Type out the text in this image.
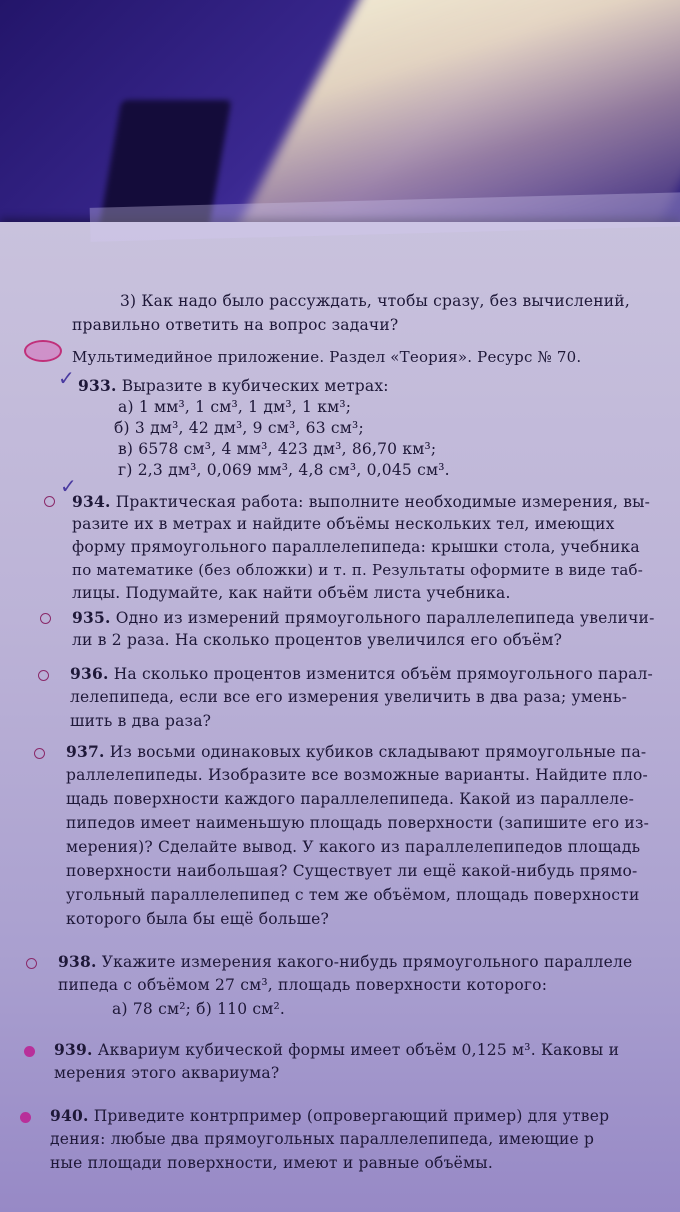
3) Как надо было рассуждать, чтобы сразу, без вычислений,
правильно ответить на вопрос задачи?
Мультимедийное приложение. Раздел «Теория». Ресурс № 70.
933. Выразите в кубических метрах:
✓
а) 1 мм³, 1 см³, 1 дм³, 1 км³;
б) 3 дм³, 42 дм³, 9 см³, 63 см³;
в) 6578 см³, 4 мм³, 423 дм³, 86,70 км³;
г) 2,3 дм³, 0,069 мм³, 4,8 см³, 0,045 см³.
✓
934. Практическая работа: выполните необходимые измерения, вы-
разите их в метрах и найдите объёмы нескольких тел, имеющих
форму прямоугольного параллелепипеда: крышки стола, учебника
по математике (без обложки) и т. п. Результаты оформите в виде таб-
лицы. Подумайте, как найти объём листа учебника.
935. Одно из измерений прямоугольного параллелепипеда увеличи-
ли в 2 раза. На сколько процентов увеличился его объём?
936. На сколько процентов изменится объём прямоугольного парал-
лелепипеда, если все его измерения увеличить в два раза; умень-
шить в два раза?
937. Из восьми одинаковых кубиков складывают прямоугольные па-
раллелепипеды. Изобразите все возможные варианты. Найдите пло-
щадь поверхности каждого параллелепипеда. Какой из параллеле-
пипедов имеет наименьшую площадь поверхности (запишите его из-
мерения)? Сделайте вывод. У какого из параллелепипедов площадь
поверхности наибольшая? Существует ли ещё какой-нибудь прямо-
угольный параллелепипед с тем же объёмом, площадь поверхности
которого была бы ещё больше?
938. Укажите измерения какого-нибудь прямоугольного параллеле
пипеда с объёмом 27 см³, площадь поверхности которого:
а) 78 см²; б) 110 см².
939. Аквариум кубической формы имеет объём 0,125 м³. Каковы и
мерения этого аквариума?
940. Приведите контрпример (опровергающий пример) для утвер
дения: любые два прямоугольных параллелепипеда, имеющие р
ные площади поверхности, имеют и равные объёмы.
